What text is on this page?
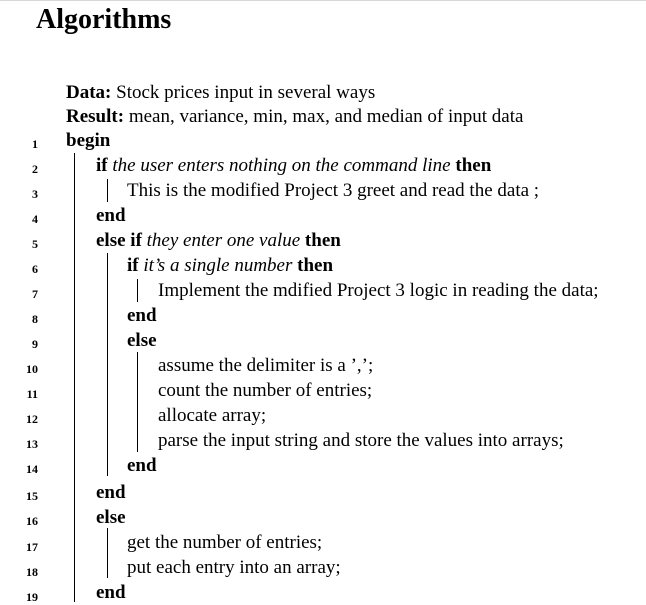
Algorithms
Data: Stock prices input in several ways
Result: mean, variance, min, max, and median of input data
1
2
3
4
5
6
7
8
9
10
11
12
13
14
15
16
17
18
19
begin
if the user enters nothing on the command line then
This is the modified Project 3 greet and read the data ;
end
else if they enter one value then
if it’s a single number then
Implement the mdified Project 3 logic in reading the data;
end
else
assume the delimiter is a ’,’;
count the number of entries;
allocate array;
parse the input string and store the values into arrays;
end
end
else
get the number of entries;
put each entry into an array;
end
